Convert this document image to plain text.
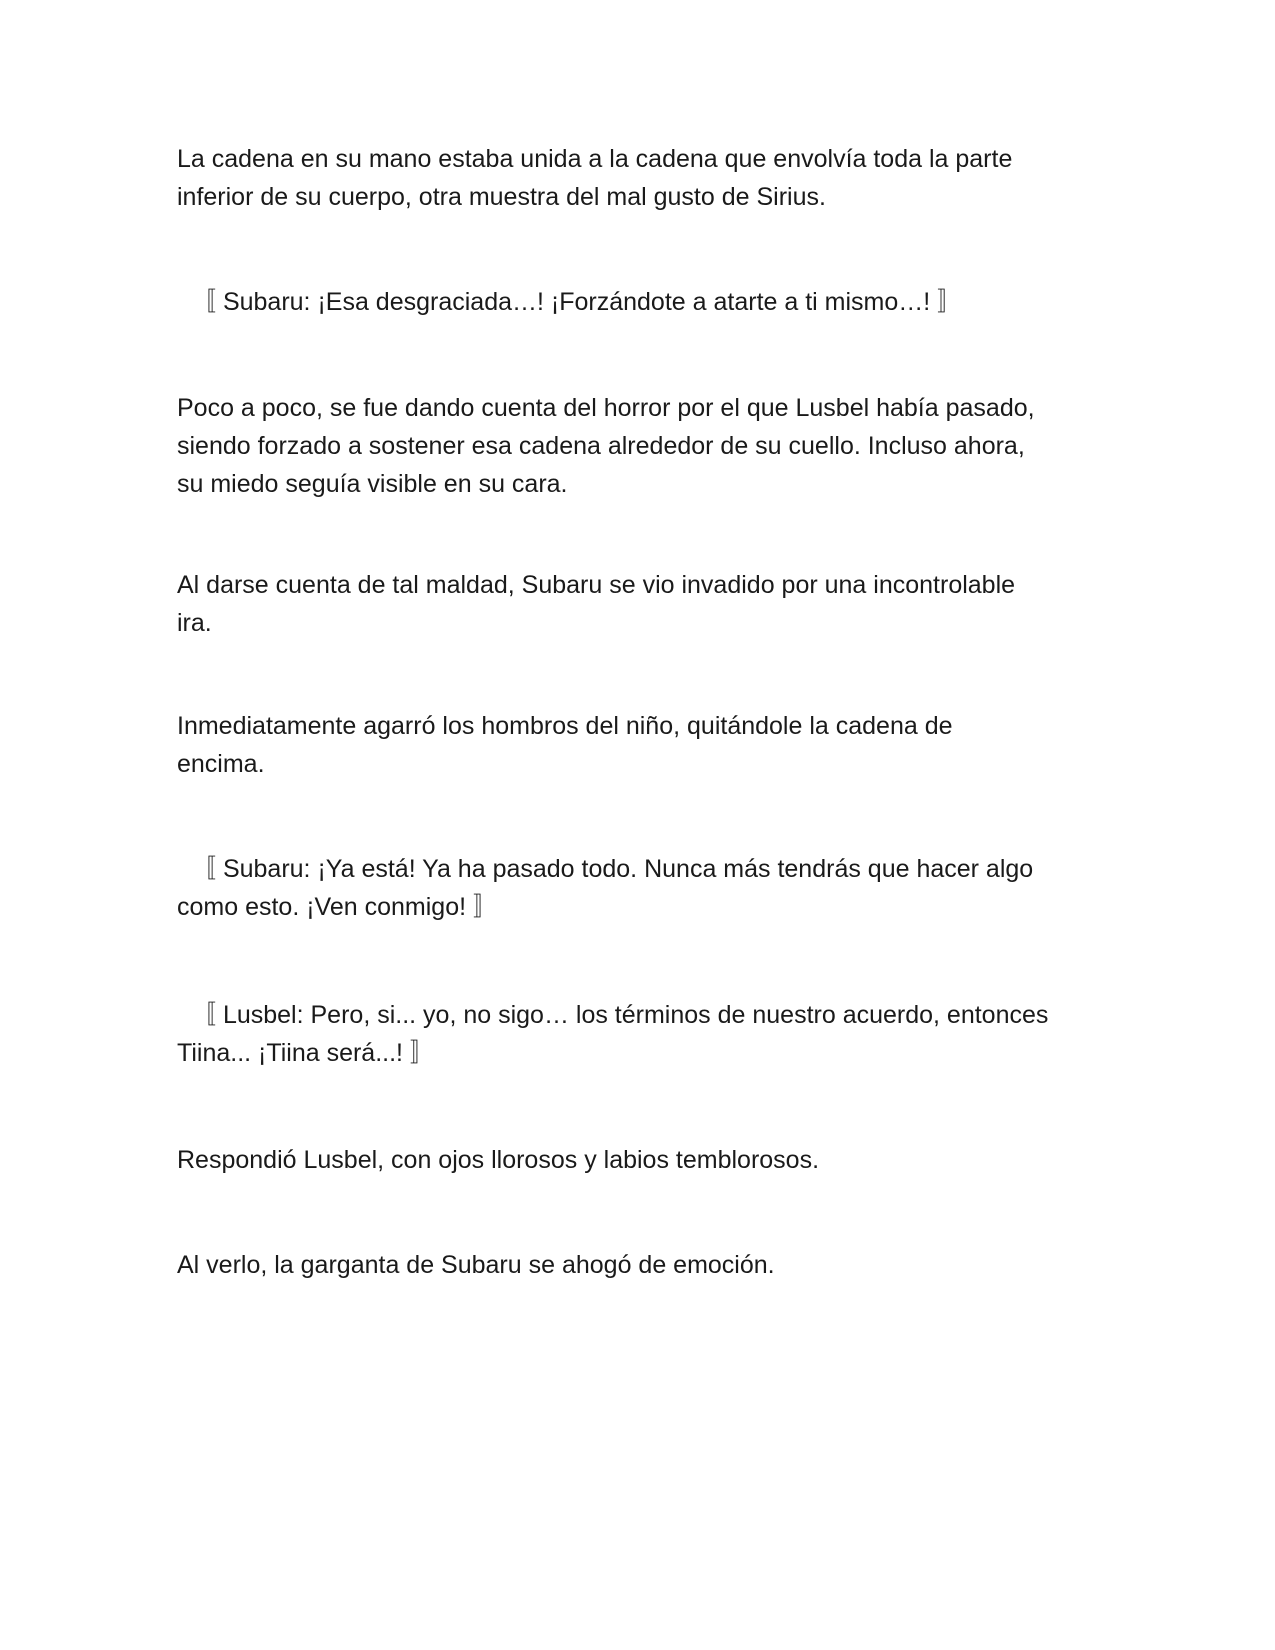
La cadena en su mano estaba unida a la cadena que envolvía toda la parte
inferior de su cuerpo, otra muestra del mal gusto de Sirius.

〚 Subaru: ¡Esa desgraciada…! ¡Forzándote a atarte a ti mismo…! 〛

Poco a poco, se fue dando cuenta del horror por el que Lusbel había pasado,
siendo forzado a sostener esa cadena alrededor de su cuello. Incluso ahora,
su miedo seguía visible en su cara.

Al darse cuenta de tal maldad, Subaru se vio invadido por una incontrolable
ira.

Inmediatamente agarró los hombros del niño, quitándole la cadena de
encima.

〚 Subaru: ¡Ya está! Ya ha pasado todo. Nunca más tendrás que hacer algo
como esto. ¡Ven conmigo! 〛

〚 Lusbel: Pero, si... yo, no sigo… los términos de nuestro acuerdo, entonces
Tiina... ¡Tiina será...! 〛

Respondió Lusbel, con ojos llorosos y labios temblorosos.

Al verlo, la garganta de Subaru se ahogó de emoción.
